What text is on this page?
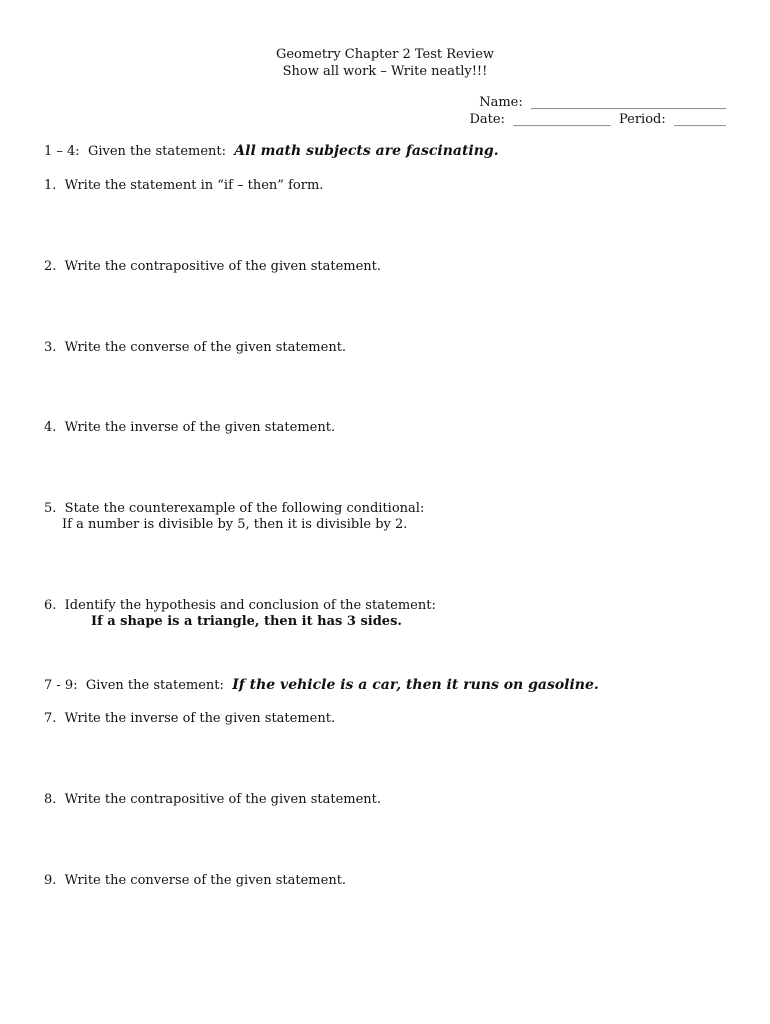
Geometry Chapter 2 Test Review
Show all work – Write neatly!!!
Name:  ______________________________
Date:  _______________  Period:  ________
1 – 4:  Given the statement:  All math subjects are fascinating.
1.  Write the statement in “if – then” form.
2.  Write the contrapositive of the given statement.
3.  Write the converse of the given statement.
4.  Write the inverse of the given statement.
5.  State the counterexample of the following conditional:
If a number is divisible by 5, then it is divisible by 2.
6.  Identify the hypothesis and conclusion of the statement:
If a shape is a triangle, then it has 3 sides.
7 - 9:  Given the statement:  If the vehicle is a car, then it runs on gasoline.
7.  Write the inverse of the given statement.
8.  Write the contrapositive of the given statement.
9.  Write the converse of the given statement.
